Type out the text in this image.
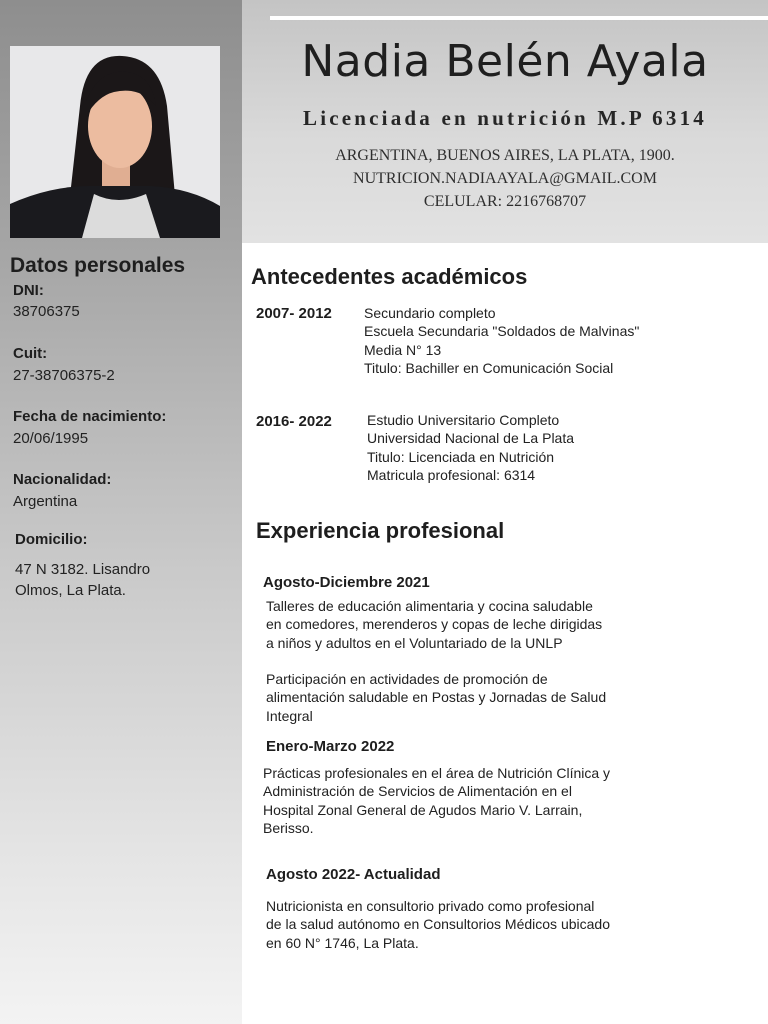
Nadia Belén Ayala
Licenciada en nutrición M.P 6314
ARGENTINA, BUENOS AIRES, LA PLATA, 1900.
NUTRICION.NADIAAYALA@GMAIL.COM
CELULAR: 2216768707
Datos personales
DNI:
38706375
Cuit:
27-38706375-2
Fecha de nacimiento:
20/06/1995
Nacionalidad:
Argentina
Domicilio:
47 N 3182. Lisandro
Olmos, La Plata.
Antecedentes académicos
2007- 2012 Secundario completo
Escuela Secundaria "Soldados de Malvinas"
Media N° 13
Titulo: Bachiller en Comunicación Social
2016- 2022	Estudio Universitario Completo
Universidad Nacional de La Plata
Titulo: Licenciada en Nutrición
Matricula profesional: 6314
Experiencia profesional
Agosto-Diciembre 2021
Talleres de educación alimentaria y cocina saludable
en comedores, merenderos y copas de leche dirigidas
a niños y adultos en el Voluntariado de la UNLP
Participación en actividades de promoción de
alimentación saludable en Postas y Jornadas de Salud
Integral
Enero-Marzo 2022
Prácticas profesionales en el área de Nutrición Clínica y
Administración de Servicios de Alimentación en el
Hospital Zonal General de Agudos Mario V. Larrain,
Berisso.
Agosto 2022- Actualidad
Nutricionista en consultorio privado como profesional
de la salud autónomo en Consultorios Médicos ubicado
en 60 N° 1746, La Plata.
